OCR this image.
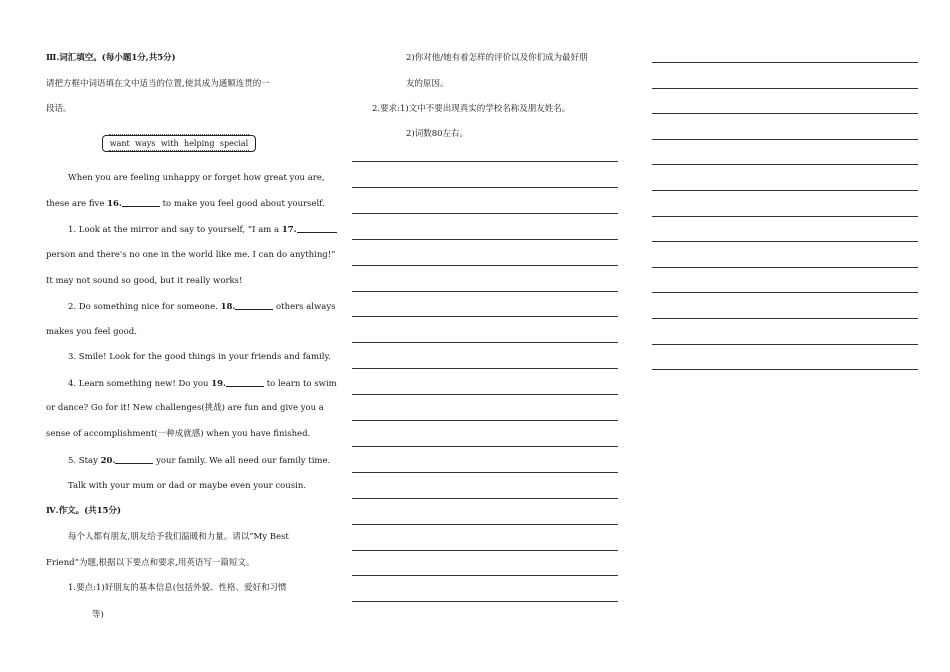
Ⅲ.词汇填空。(每小题1分,共5分)
请把方框中词语填在文中适当的位置,使其成为通顺连贯的一
段话。
want ways with helping special
When you are feeling unhappy or forget how great you are,
these are five 16.	to make you feel good about yourself.
1. Look at the mirror and say to yourself, “I am a 17.
person and there's no one in the world like me. I can do anything!”
It may not sound so good, but it really works!
2. Do something nice for someone. 18.	others always
makes you feel good.
3. Smile! Look for the good things in your friends and family.
4. Learn something new! Do you 19.	to learn to swim
or dance? Go for it! New challenges(挑战) are fun and give you a
sense of accomplishment(一种成就感) when you have finished.
5. Stay 20.	your family. We all need our family time.
Talk with your mum or dad or maybe even your cousin.
Ⅳ.作文。(共15分)
每个人都有朋友,朋友给予我们温暖和力量。请以“My Best
Friend”为题,根据以下要点和要求,用英语写一篇短文。
1.要点:1)好朋友的基本信息(包括外貌、性格、爱好和习惯
等)
2)你对他/她有着怎样的评价以及你们成为最好朋
友的原因。
2.要求:1)文中不要出现真实的学校名称及朋友姓名。
2)词数80左右。
